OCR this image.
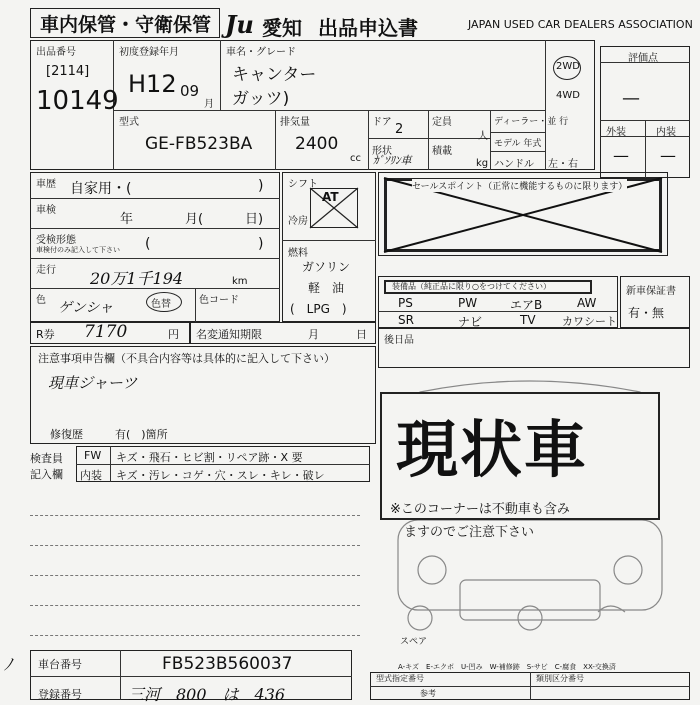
車内保管・守衛保管 Ju 愛知 出品申込書	JAPAN USED CAR DEALERS ASSOCIATION
出品番号
[2114]
10149
初度登録年月
H12 09
月
車名・グレード
キャンター
ガッツ)
2WD
4WD
型式
GE-FB523BA
排気量
2400
cc
ドア 2	定員
人
形状
ｶﾞｿﾘﾝ車
積載
kg
ディーラー・並 行
モデル 年式
ハンドル 左・右
評価点
—
外装	内装
— —
車歴 自家用・(	)
車検
年	月(	日)
受検形態
車検付のみ記入して下さい (	)
走行 20万1千194	km
色 ゲンシャ	色替	色コード
シフト
AT
冷房
燃料
ガソリン
軽　油
(　LPG　)
セールスポイント（正常に機能するものに限ります）
装備品（純正品に限り○をつけてください）
PS	PW	エアB	AW
SR	ナビ	TV カワシート
新車保証書
有・無
後日品
R券 7170	円 名変通知期限	月	日
注意事項申告欄（不具合内容等は具体的に記入して下さい）
現車ジャーツ
修復歴	有(　)箇所
検査員
記入欄
FW キズ・飛石・ヒビ割・リペア跡・X 要
内装 キズ・汚レ・コゲ・穴・スレ・キレ・破レ 現状車
※このコーナーは不動車も含み
ますのでご注意下さい
スペア
A-キズ　E-エクボ　U-凹み　W-補修跡　S-サビ　C-腐食　XX-交換済
ﾉ 車台番号	FB523B560037
登録番号	三河　800　は　436
型式指定番号	類別区分番号
参考
